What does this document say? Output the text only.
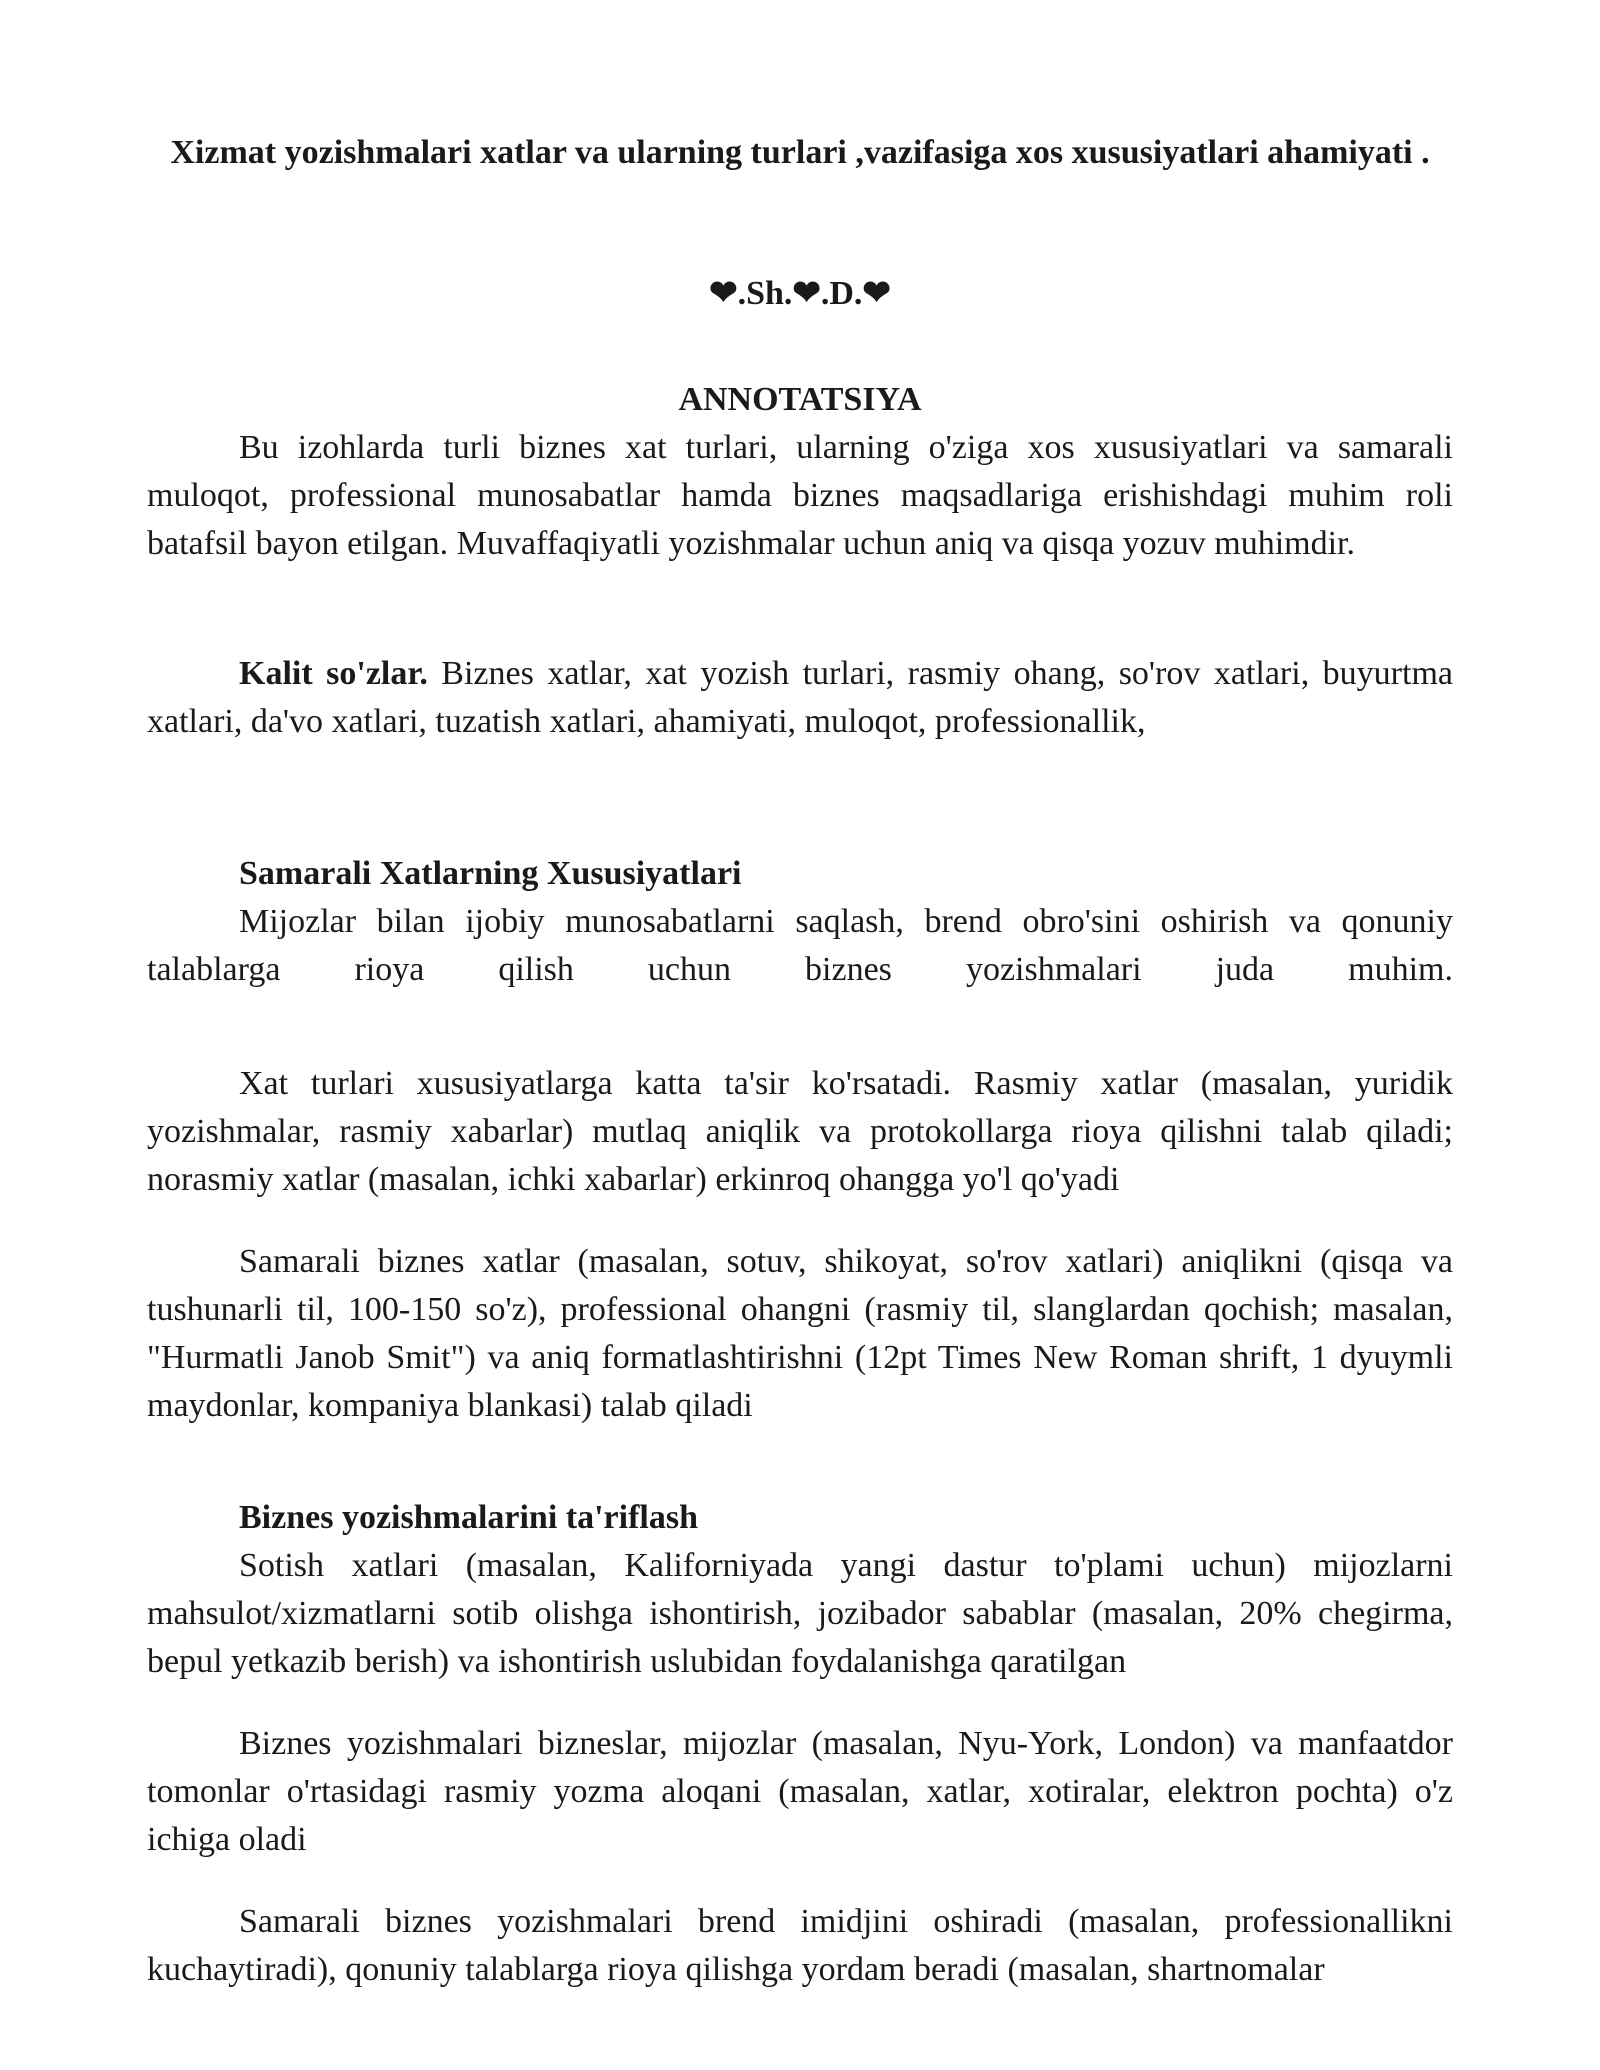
Xizmat yozishmalari xatlar va ularning turlari ,vazifasiga xos xususiyatlari ahamiyati .

❤.Sh.❤.D.❤

ANNOTATSIYA

Bu izohlarda turli biznes xat turlari, ularning o'ziga xos xususiyatlari va samarali muloqot, professional munosabatlar hamda biznes maqsadlariga erishishdagi muhim roli batafsil bayon etilgan. Muvaffaqiyatli yozishmalar uchun aniq va qisqa yozuv muhimdir.

Kalit so'zlar. Biznes xatlar, xat yozish turlari, rasmiy ohang, so'rov xatlari, buyurtma xatlari, da'vo xatlari, tuzatish xatlari, ahamiyati, muloqot, professionallik,

Samarali Xatlarning Xususiyatlari

Mijozlar bilan ijobiy munosabatlarni saqlash, brend obro'sini oshirish va qonuniy talablarga rioya qilish uchun biznes yozishmalari juda muhim.

Xat turlari xususiyatlarga katta ta'sir ko'rsatadi. Rasmiy xatlar (masalan, yuridik yozishmalar, rasmiy xabarlar) mutlaq aniqlik va protokollarga rioya qilishni talab qiladi; norasmiy xatlar (masalan, ichki xabarlar) erkinroq ohangga yo'l qo'yadi

Samarali biznes xatlar (masalan, sotuv, shikoyat, so'rov xatlari) aniqlikni (qisqa va tushunarli til, 100-150 so'z), professional ohangni (rasmiy til, slanglardan qochish; masalan, "Hurmatli Janob Smit") va aniq formatlashtirishni (12pt Times New Roman shrift, 1 dyuymli maydonlar, kompaniya blankasi) talab qiladi

Biznes yozishmalarini ta'riflash

Sotish xatlari (masalan, Kaliforniyada yangi dastur to'plami uchun) mijozlarni mahsulot/xizmatlarni sotib olishga ishontirish, jozibador sabablar (masalan, 20% chegirma, bepul yetkazib berish) va ishontirish uslubidan foydalanishga qaratilgan

Biznes yozishmalari bizneslar, mijozlar (masalan, Nyu-York, London) va manfaatdor tomonlar o'rtasidagi rasmiy yozma aloqani (masalan, xatlar, xotiralar, elektron pochta) o'z ichiga oladi

Samarali biznes yozishmalari brend imidjini oshiradi (masalan, professionallikni kuchaytiradi), qonuniy talablarga rioya qilishga yordam beradi (masalan, shartnomalar
